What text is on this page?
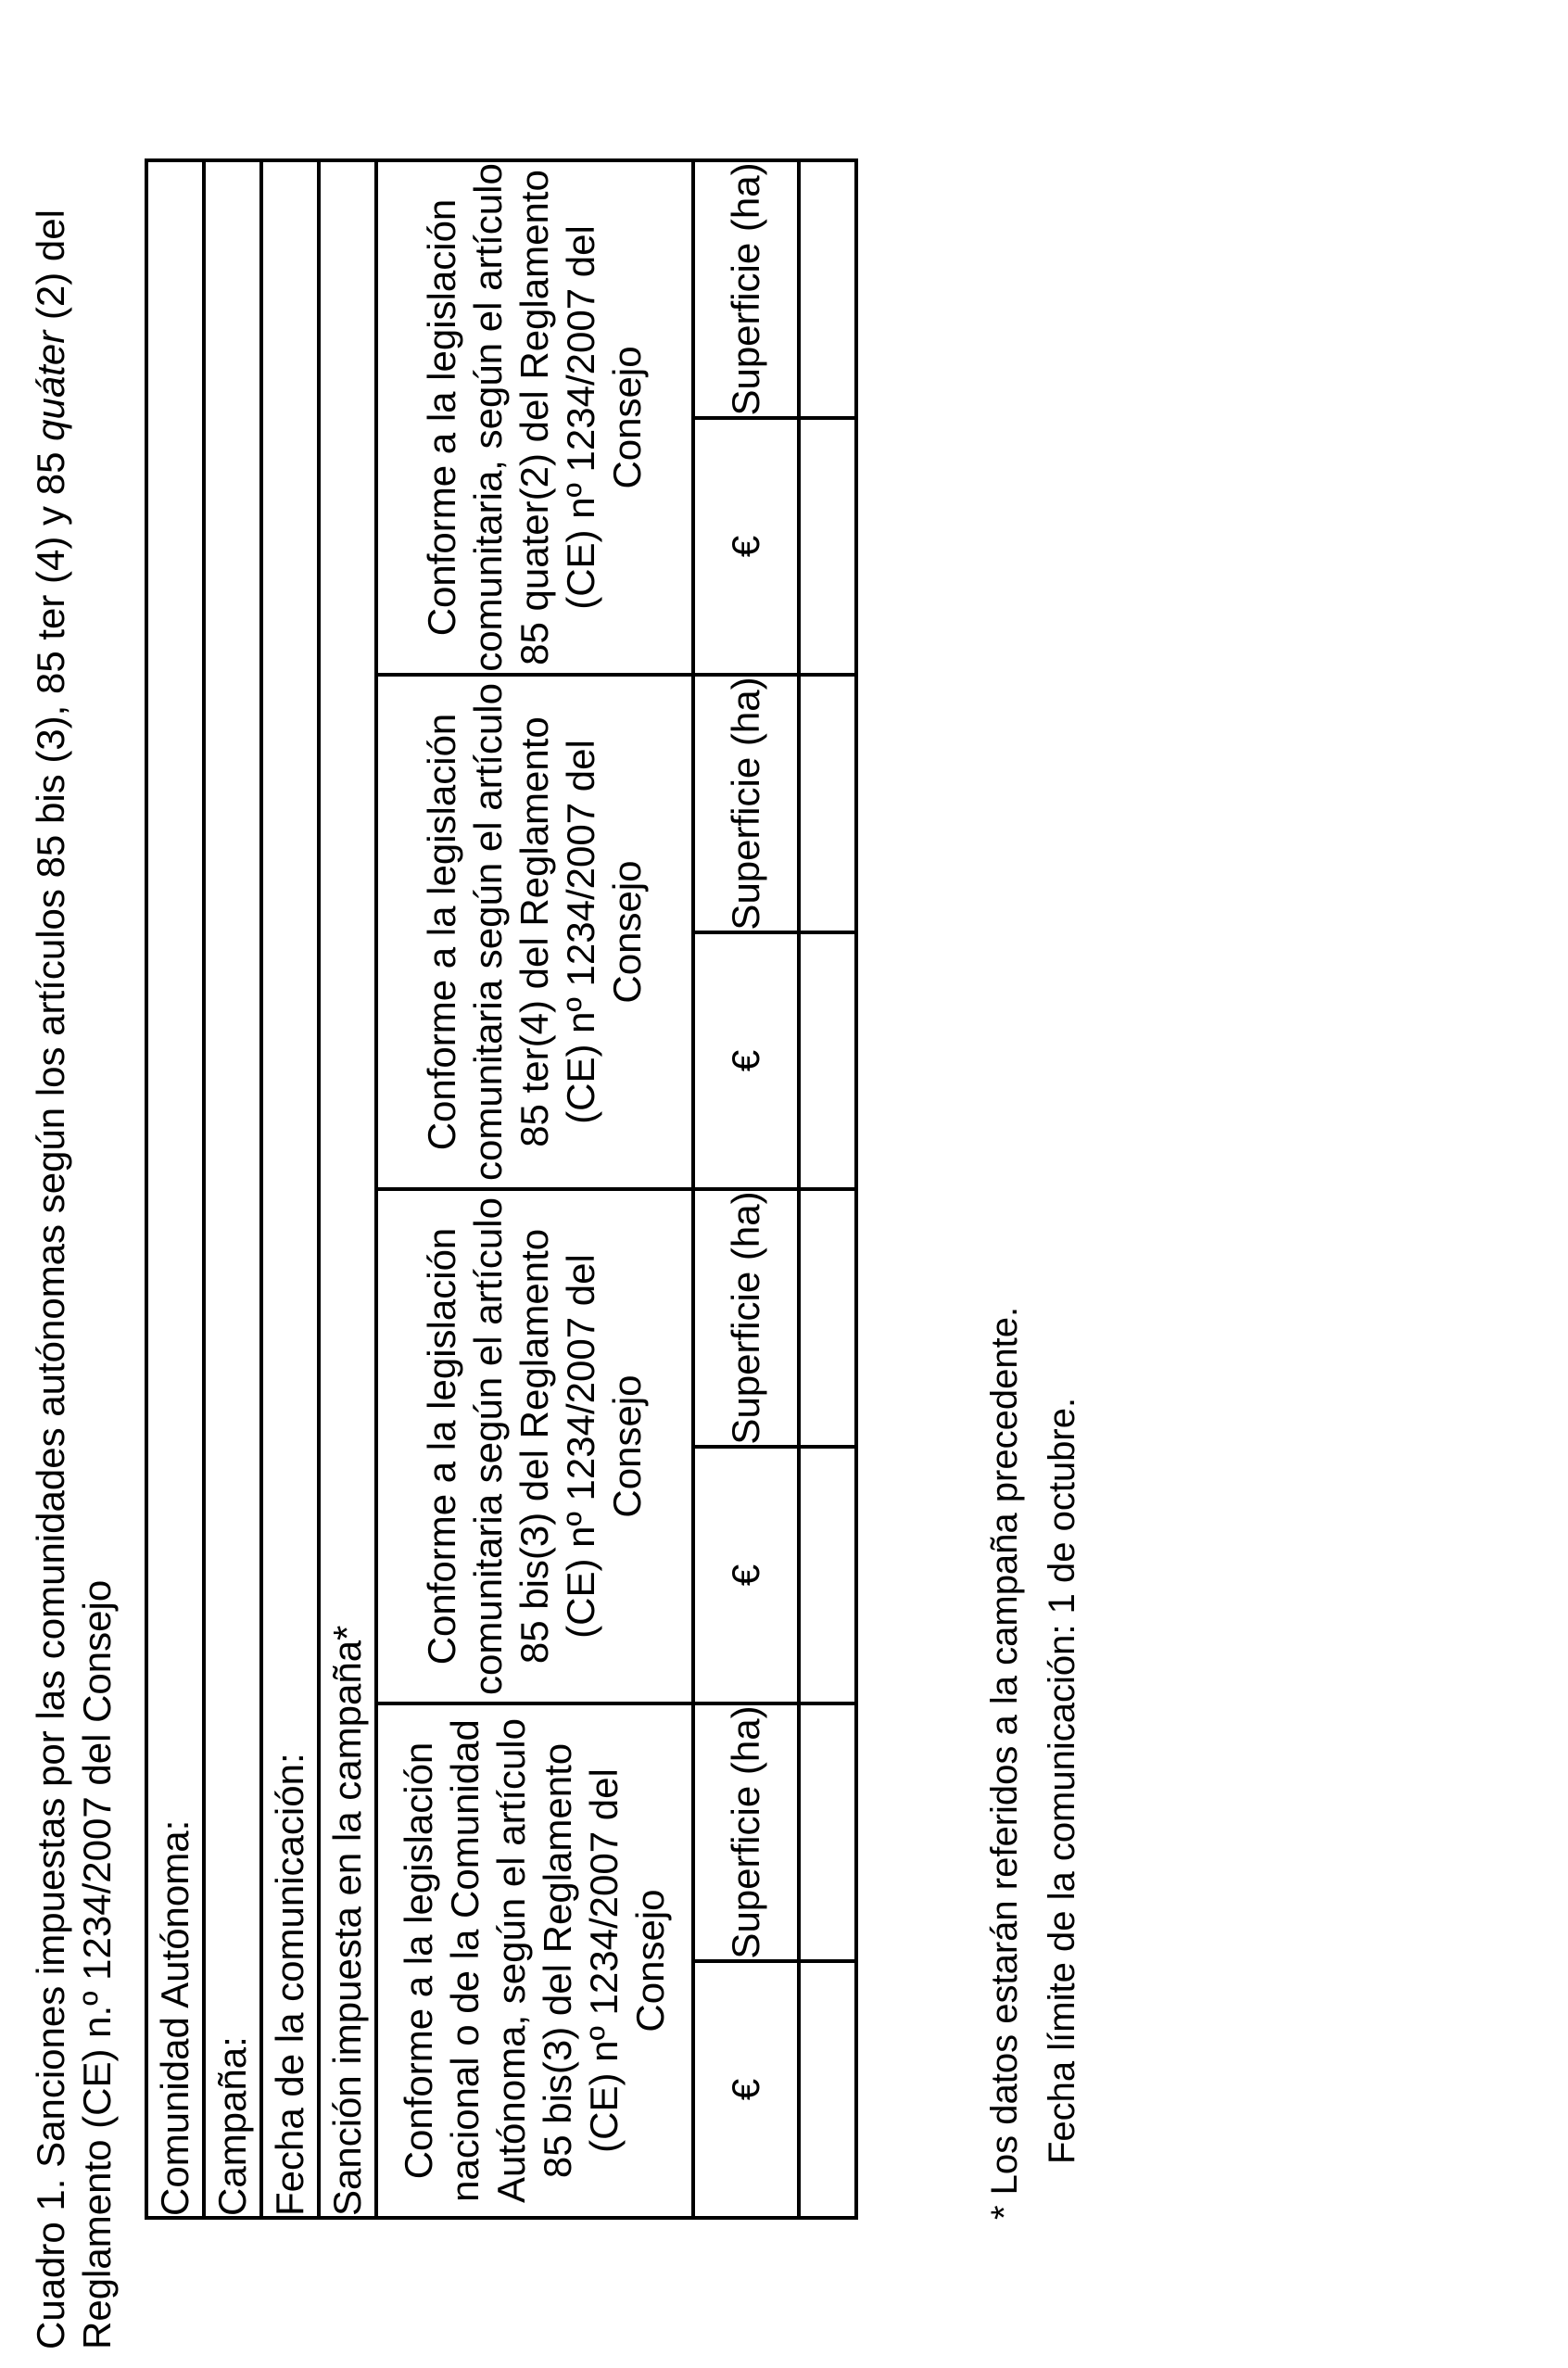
Cuadro 1. Sanciones impuestas por las comunidades autónomas según los artículos 85 bis (3), 85 ter (4) y 85 quáter (2) del Reglamento (CE) n.º 1234/2007 del Consejo Comunidad Autónoma:							
Campaña:							
Fecha de la comunicación:							
Sanción impuesta en la campaña*							
Conforme a la legislación nacional o de la Comunidad Autónoma, según el artículo 85 bis(3) del Reglamento (CE) nº 1234/2007 del Consejo		Conforme a la legislación comunitaria según el artículo 85 bis(3) del Reglamento (CE) nº 1234/2007 del Consejo		Conforme a la legislación comunitaria según el artículo 85 ter(4) del Reglamento (CE) nº 1234/2007 del Consejo		Conforme a la legislación comunitaria, según el artículo 85 quater(2) del Reglamento (CE) nº 1234/2007 del Consejo	
€	Superficie (ha)	€	Superficie (ha)	€	Superficie (ha)	€	Superficie (ha)

* Los datos estarán referidos a la campaña precedente. Fecha límite de la comunicación: 1 de octubre.
